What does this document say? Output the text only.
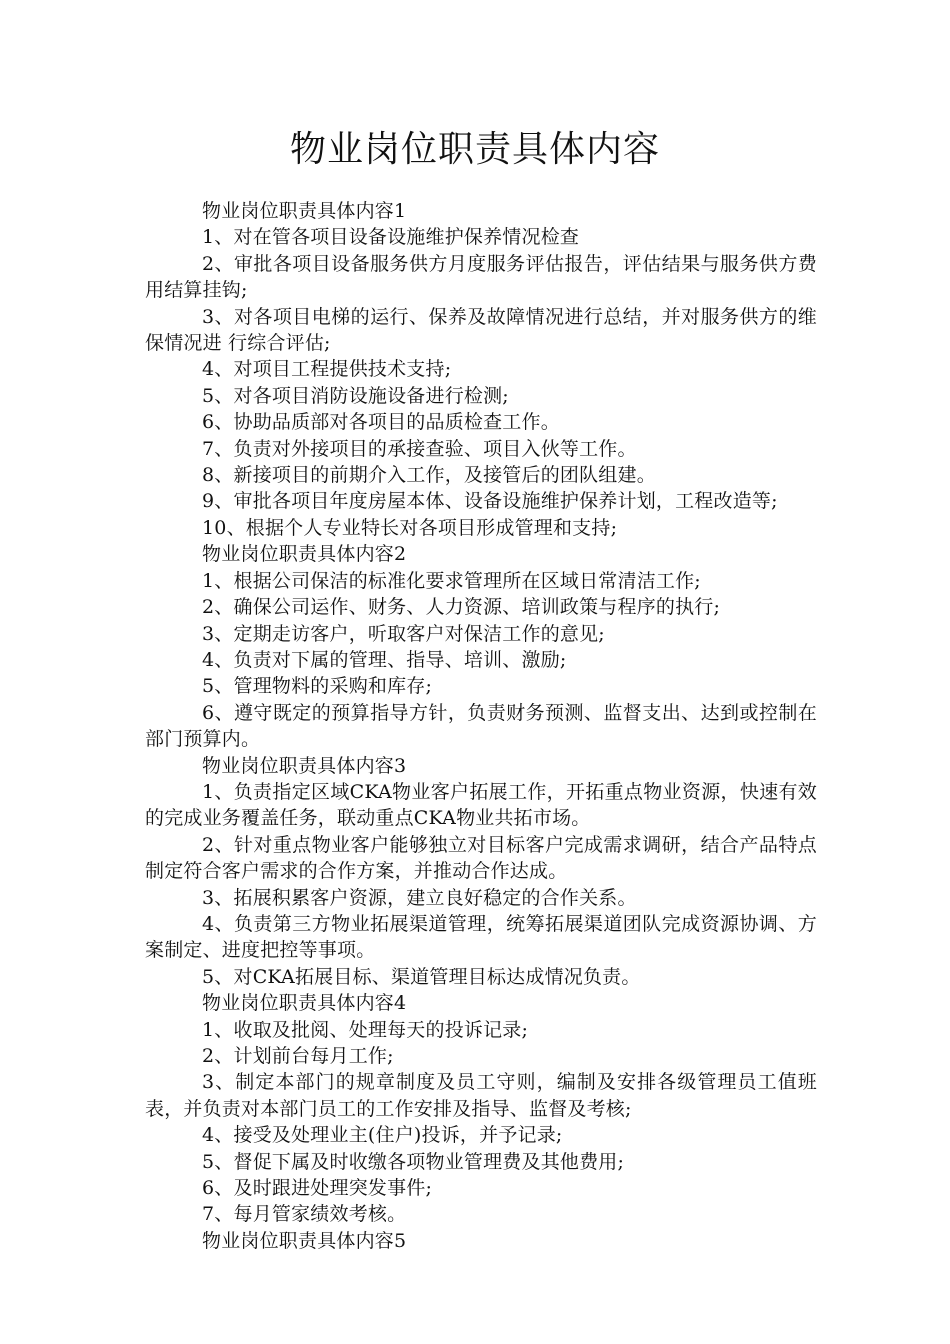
物业岗位职责具体内容

物业岗位职责具体内容1

1、对在管各项目设备设施维护保养情况检查

2、审批各项目设备服务供方月度服务评估报告，评估结果与服务供方费用结算挂钩;

3、对各项目电梯的运行、保养及故障情况进行总结，并对服务供方的维保情况进 行综合评估;

4、对项目工程提供技术支持;

5、对各项目消防设施设备进行检测;

6、协助品质部对各项目的品质检查工作。

7、负责对外接项目的承接查验、项目入伙等工作。

8、新接项目的前期介入工作，及接管后的团队组建。

9、审批各项目年度房屋本体、设备设施维护保养计划，工程改造等;

10、根据个人专业特长对各项目形成管理和支持;

物业岗位职责具体内容2

1、根据公司保洁的标准化要求管理所在区域日常清洁工作;

2、确保公司运作、财务、人力资源、培训政策与程序的执行;

3、定期走访客户，听取客户对保洁工作的意见;

4、负责对下属的管理、指导、培训、激励;

5、管理物料的采购和库存;

6、遵守既定的预算指导方针，负责财务预测、监督支出、达到或控制在部门预算内。

物业岗位职责具体内容3

1、负责指定区域CKA物业客户拓展工作，开拓重点物业资源，快速有效的完成业务覆盖任务，联动重点CKA物业共拓市场。

2、针对重点物业客户能够独立对目标客户完成需求调研，结合产品特点制定符合客户需求的合作方案，并推动合作达成。

3、拓展积累客户资源，建立良好稳定的合作关系。

4、负责第三方物业拓展渠道管理，统筹拓展渠道团队完成资源协调、方案制定、进度把控等事项。

5、对CKA拓展目标、渠道管理目标达成情况负责。

物业岗位职责具体内容4

1、收取及批阅、处理每天的投诉记录;

2、计划前台每月工作;

3、制定本部门的规章制度及员工守则，编制及安排各级管理员工值班表，并负责对本部门员工的工作安排及指导、监督及考核;

4、接受及处理业主(住户)投诉，并予记录;

5、督促下属及时收缴各项物业管理费及其他费用;

6、及时跟进处理突发事件;

7、每月管家绩效考核。

物业岗位职责具体内容5
